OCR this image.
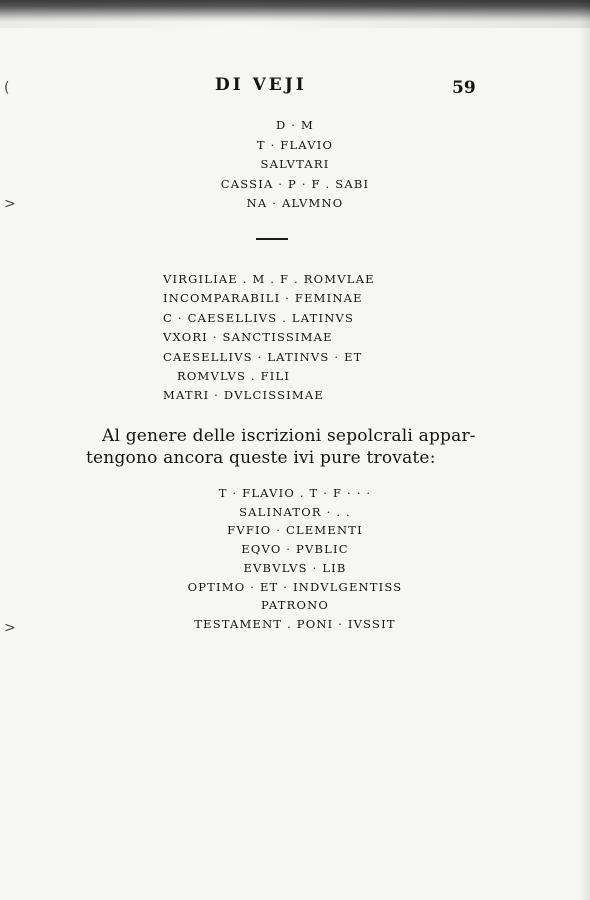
(
>
>
DI VEJI	59
D · M
T · FLAVIO
SALVTARI
CASSIA · P · F . SABI
NA · ALVMNO
VIRGILIAE . M . F . ROMVLAE
INCOMPARABILI · FEMINAE
C · CAESELLIVS . LATINVS
VXORI · SANCTISSIMAE
CAESELLIVS · LATINVS · ET
ROMVLVS . FILI
MATRI · DVLCISSIMAE
Al genere delle iscrizioni sepolcrali appar-
tengono ancora queste ivi pure trovate:
T · FLAVIO . T · F · · ·
SALINATOR · . .
FVFIO · CLEMENTI
EQVO · PVBLIC
EVBVLVS · LIB
OPTIMO · ET · INDVLGENTISS
PATRONO
TESTAMENT . PONI · IVSSIT
